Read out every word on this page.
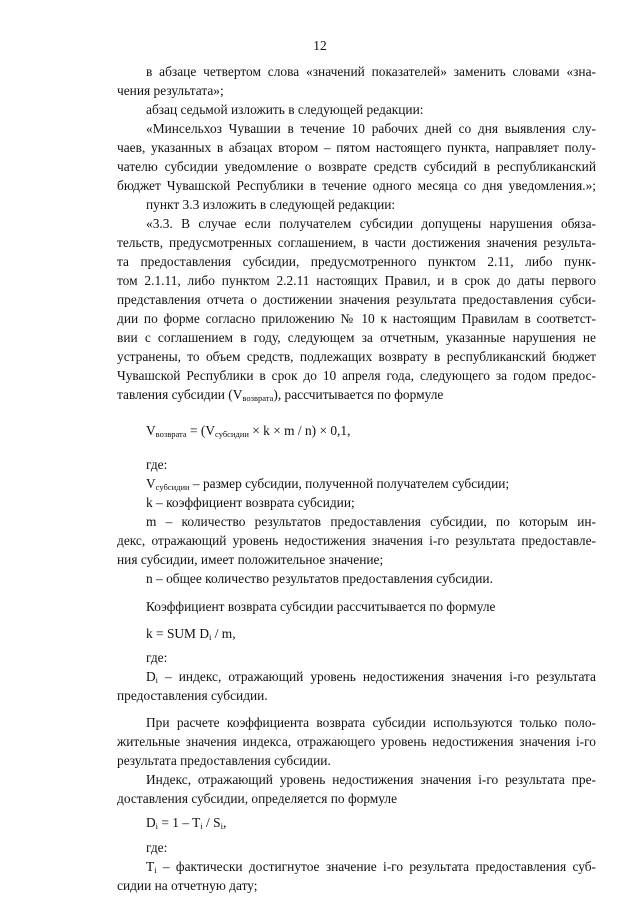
12
в абзаце четвертом слова «значений показателей» заменить словами «зна-
чения результата»;
абзац седьмой изложить в следующей редакции:
«Минсельхоз Чувашии в течение 10 рабочих дней со дня выявления слу-
чаев, указанных в абзацах втором – пятом настоящего пункта, направляет полу-
чателю субсидии уведомление о возврате средств субсидий в республиканский
бюджет Чувашской Республики в течение одного месяца со дня уведомления.»;
пункт 3.3 изложить в следующей редакции:
«3.3. В случае если получателем субсидии допущены нарушения обяза-
тельств, предусмотренных соглашением, в части достижения значения результа-
та предоставления субсидии, предусмотренного пунктом 2.11, либо пунк-
том 2.1.11, либо пунктом 2.2.11 настоящих Правил, и в срок до даты первого
представления отчета о достижении значения результата предоставления субси-
дии по форме согласно приложению № 10 к настоящим Правилам в соответст-
вии с соглашением в году, следующем за отчетным, указанные нарушения не
устранены, то объем средств, подлежащих возврату в республиканский бюджет
Чувашской Республики в срок до 10 апреля года, следующего за годом предос-
тавления субсидии $(V_{возврата})$, рассчитывается по формуле
$V_{возврата} = (V_{субсидии} \times k \times m / n) \times 0,1$,
где:
$V_{субсидии}$ – размер субсидии, полученной получателем субсидии;
k – коэффициент возврата субсидии;
m – количество результатов предоставления субсидии, по которым ин-
декс, отражающий уровень недостижения значения i-го результата предоставле-
ния субсидии, имеет положительное значение;
n – общее количество результатов предоставления субсидии.
Коэффициент возврата субсидии рассчитывается по формуле
k = SUM $D_i$ / m,
где:
$D_i$ – индекс, отражающий уровень недостижения значения i-го результата
предоставления субсидии.
При расчете коэффициента возврата субсидии используются только поло-
жительные значения индекса, отражающего уровень недостижения значения i-го
результата предоставления субсидии.
Индекс, отражающий уровень недостижения значения i-го результата пре-
доставления субсидии, определяется по формуле
$D_i = 1 - T_i / S_i$,
где:
$T_i$ – фактически достигнутое значение i-го результата предоставления суб-
сидии на отчетную дату;
